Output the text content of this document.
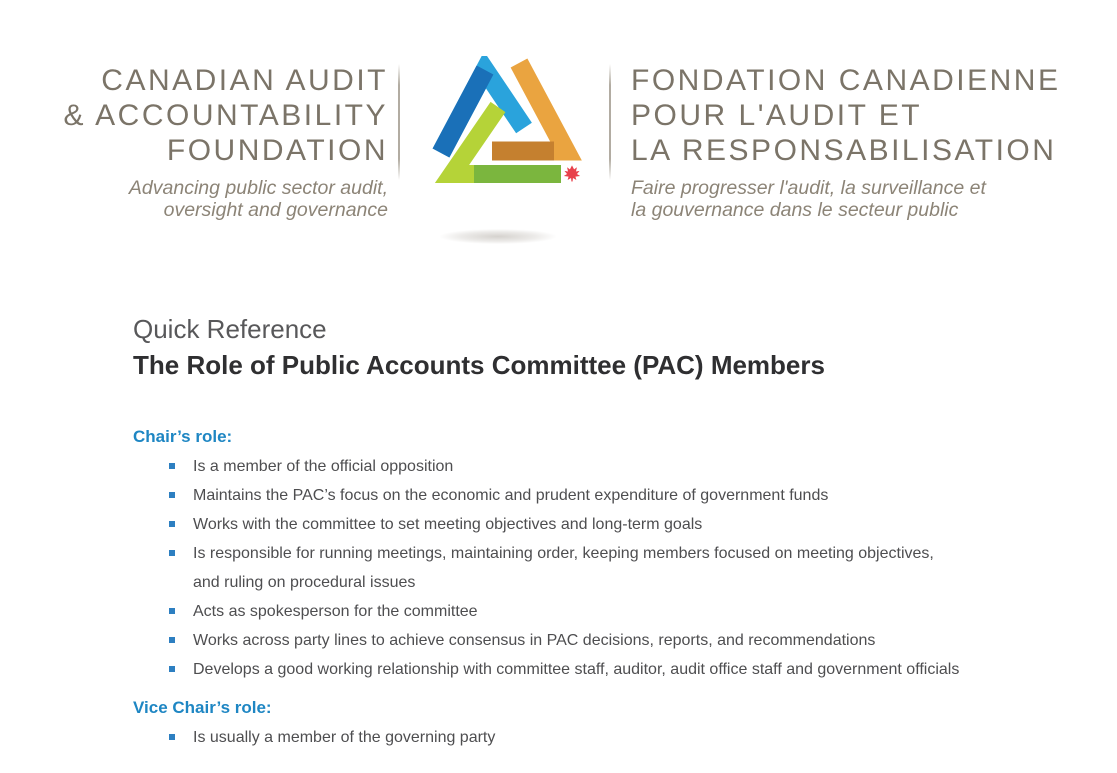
CANADIAN AUDIT
& ACCOUNTABILITY
FOUNDATION
Advancing public sector audit,
oversight and governance
FONDATION CANADIENNE
POUR L'AUDIT ET
LA RESPONSABILISATION
Faire progresser l'audit, la surveillance et
la gouvernance dans le secteur public
Quick Reference
The Role of Public Accounts Committee (PAC) Members
Chair’s role:
Is a member of the official opposition
Maintains the PAC’s focus on the economic and prudent expenditure of government funds
Works with the committee to set meeting objectives and long-term goals
Is responsible for running meetings, maintaining order, keeping members focused on meeting objectives, and ruling on procedural issues
Acts as spokesperson for the committee
Works across party lines to achieve consensus in PAC decisions, reports, and recommendations
Develops a good working relationship with committee staff, auditor, audit office staff and government officials
Vice Chair’s role:
Is usually a member of the governing party
